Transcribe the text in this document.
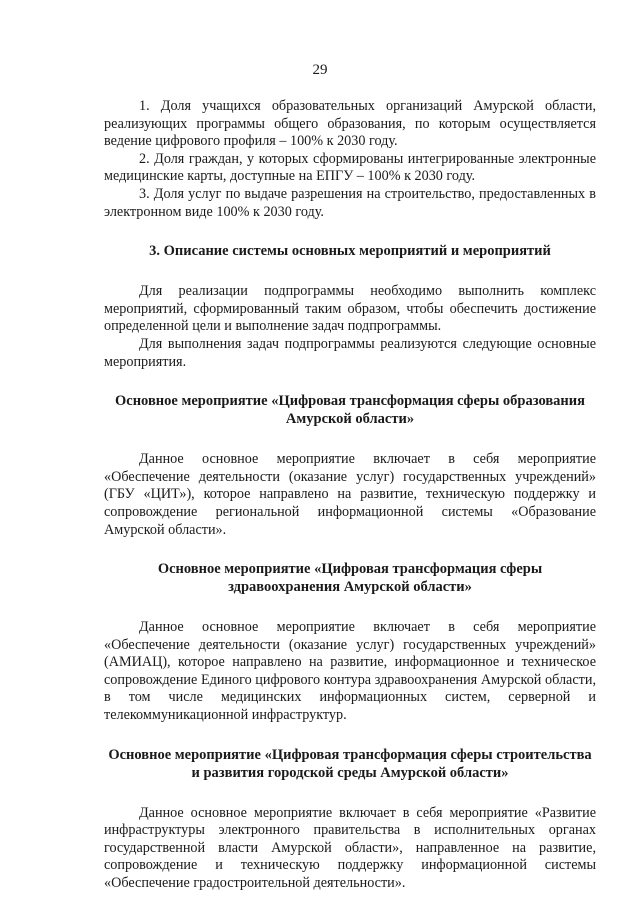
29

1. Доля учащихся образовательных организаций Амурской области, реализующих программы общего образования, по которым осуществляется ведение цифрового профиля – 100% к 2030 году.

2. Доля граждан, у которых сформированы интегрированные электронные медицинские карты, доступные на ЕПГУ – 100% к 2030 году.

3. Доля услуг по выдаче разрешения на строительство, предоставленных в электронном виде 100% к 2030 году.

3. Описание системы основных мероприятий и мероприятий

Для реализации подпрограммы необходимо выполнить комплекс мероприятий, сформированный таким образом, чтобы обеспечить достижение определенной цели и выполнение задач подпрограммы.

Для выполнения задач подпрограммы реализуются следующие основные мероприятия.

Основное мероприятие «Цифровая трансформация сферы образования Амурской области»

Данное основное мероприятие включает в себя мероприятие «Обеспечение деятельности (оказание услуг) государственных учреждений» (ГБУ «ЦИТ»), которое направлено на развитие, техническую поддержку и сопровождение региональной информационной системы «Образование Амурской области».

Основное мероприятие «Цифровая трансформация сферы здравоохранения Амурской области»

Данное основное мероприятие включает в себя мероприятие «Обеспечение деятельности (оказание услуг) государственных учреждений» (АМИАЦ), которое направлено на развитие, информационное и техническое сопровождение Единого цифрового контура здравоохранения Амурской области, в том числе медицинских информационных систем, серверной и телекоммуникационной инфраструктур.

Основное мероприятие «Цифровая трансформация сферы строительства и развития городской среды Амурской области»

Данное основное мероприятие включает в себя мероприятие «Развитие инфраструктуры электронного правительства в исполнительных органах государственной власти Амурской области», направленное на развитие, сопровождение и техническую поддержку информационной системы «Обеспечение градостроительной деятельности».
